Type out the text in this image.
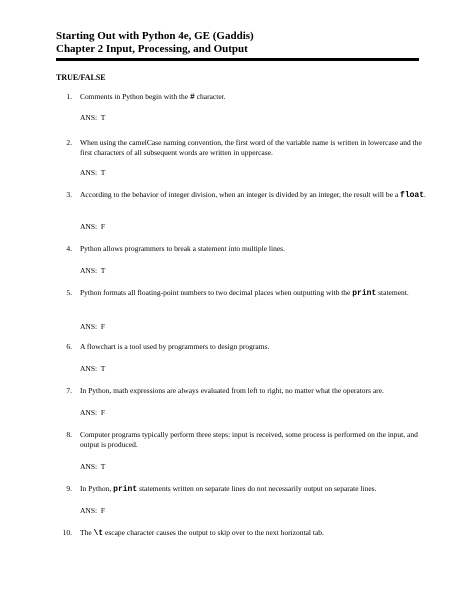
Starting Out with Python 4e, GE (Gaddis)
Chapter 2 Input, Processing, and Output
TRUE/FALSE
1. Comments in Python begin with the # character.
ANS:  T
2. When using the camelCase naming convention, the first word of the variable name is written in lowercase and the first characters of all subsequent words are written in uppercase.
ANS:  T
3. According to the behavior of integer division, when an integer is divided by an integer, the result will be a float.
ANS:  F
4. Python allows programmers to break a statement into multiple lines.
ANS:  T
5. Python formats all floating-point numbers to two decimal places when outputting with the print statement.
ANS:  F
6. A flowchart is a tool used by programmers to design programs.
ANS:  T
7. In Python, math expressions are always evaluated from left to right, no matter what the operators are.
ANS:  F
8. Computer programs typically perform three steps: input is received, some process is performed on the input, and output is produced.
ANS:  T
9. In Python, print statements written on separate lines do not necessarily output on separate lines.
ANS:  F
10. The \t escape character causes the output to skip over to the next horizontal tab.
